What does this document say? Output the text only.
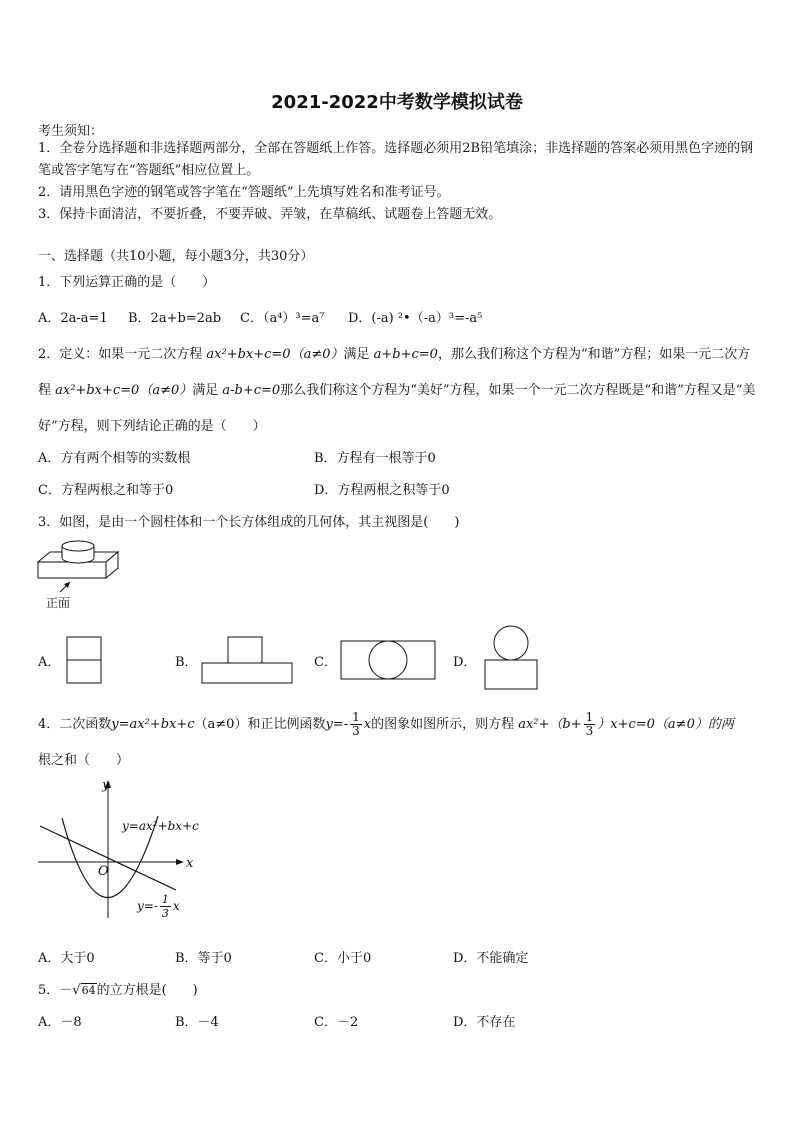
2021-2022中考数学模拟试卷
考生须知：
1．全卷分选择题和非选择题两部分，全部在答题纸上作答。选择题必须用2B铅笔填涂；非选择题的答案必须用黑色字迹的钢笔或答字笔写在“答题纸”相应位置上。
2．请用黑色字迹的钢笔或答字笔在“答题纸”上先填写姓名和准考证号。
3．保持卡面清洁，不要折叠，不要弄破、弄皱，在草稿纸、试题卷上答题无效。
一、选择题（共10小题，每小题3分，共30分）
1．下列运算正确的是（　　）
A．2a-a=1 B．2a+b=2ab C．（a⁴）³=a⁷ D．(-a) ²•（-a）³=-a⁵
2．定义：如果一元二次方程 ax²+bx+c=0（a≠0）满足 a+b+c=0，那么我们称这个方程为“和谐”方程；如果一元二次方
程 ax²+bx+c=0（a≠0）满足 a-b+c=0那么我们称这个方程为“美好”方程，如果一个一元二次方程既是“和谐”方程又是“美
好”方程，则下列结论正确的是（　　）
A．方有两个相等的实数根	B．方程有一根等于0
C．方程两根之和等于0	D．方程两根之积等于0
3．如图，是由一个圆柱体和一个长方体组成的几何体，其主视图是(　　)
正面
A．	B．	C．	D．
4．二次函数y=ax²+bx+c（a≠0）和正比例函数$y=- \frac{1}{3}$ x的图象如图所示，则方程 $ax^2+(b+ \frac{1}{3} )x+c=0(a\ne 0)$的两
根之和（　　）
y
x
O
y=ax²+bx+c
$y=- \frac{1}{3}$ x
A．大于0	B．等于0	C．小于0	D．不能确定
5．－√64的立方根是(　　)
A．－8	B．－4	C．－2	D．不存在
